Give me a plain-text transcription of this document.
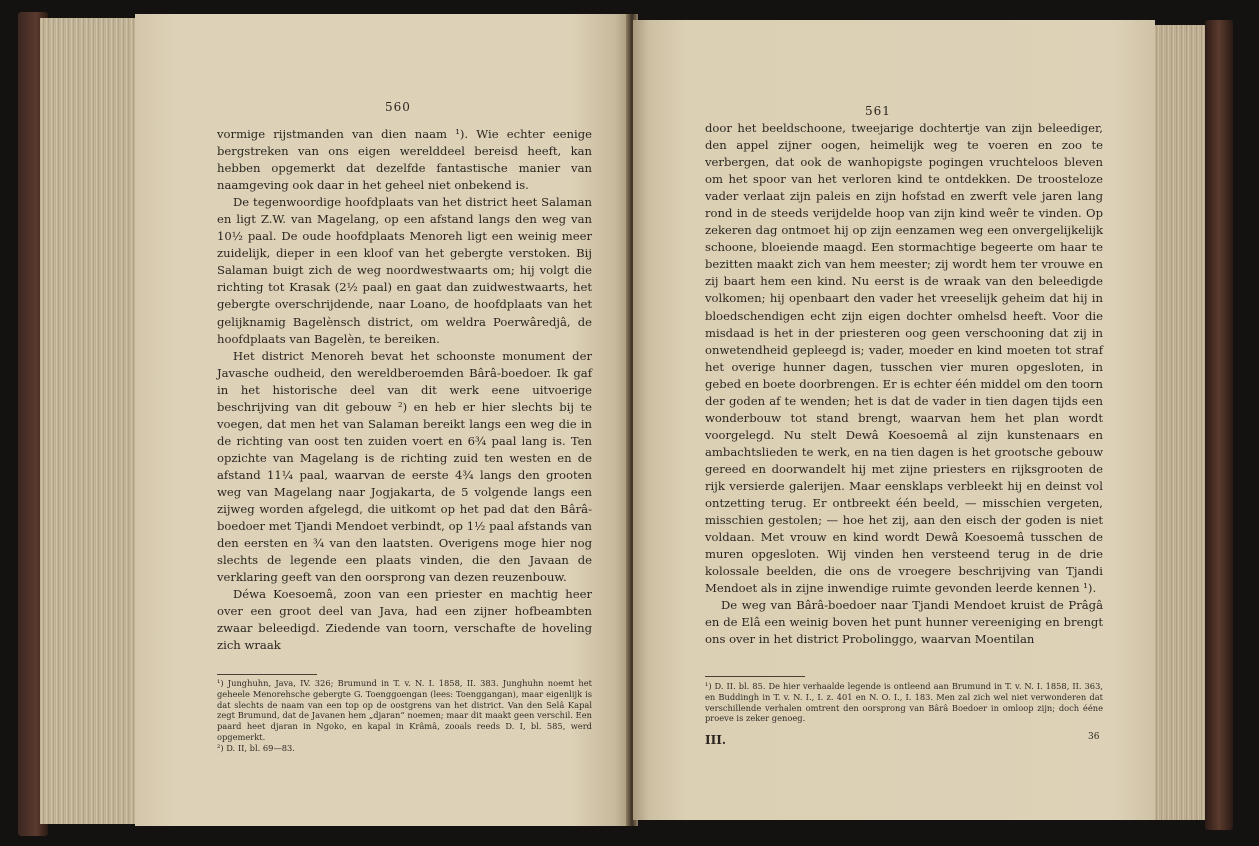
560

vormige rijstmanden van dien naam ¹). Wie echter eenige bergstreken van ons eigen werelddeel bereisd heeft, kan hebben opgemerkt dat dezelfde fantastische manier van naamgeving ook daar in het geheel niet onbekend is.

De tegenwoordige hoofdplaats van het district heet Salaman en ligt Z.W. van Magelang, op een afstand langs den weg van 10½ paal. De oude hoofdplaats Menoreh ligt een weinig meer zuidelijk, dieper in een kloof van het gebergte verstoken. Bij Salaman buigt zich de weg noordwestwaarts om; hij volgt die richting tot Krasak (2½ paal) en gaat dan zuidwestwaarts, het gebergte overschrijdende, naar Loano, de hoofdplaats van het gelijknamig Bagelènsch district, om weldra Poerwâredjâ, de hoofdplaats van Bagelèn, te bereiken.

Het district Menoreh bevat het schoonste monument der Javasche oudheid, den wereldberoemden Bârâ-boedoer. Ik gaf in het historische deel van dit werk eene uitvoerige beschrijving van dit gebouw ²) en heb er hier slechts bij te voegen, dat men het van Salaman bereikt langs een weg die in de richting van oost ten zuiden voert en 6¾ paal lang is. Ten opzichte van Magelang is de richting zuid ten westen en de afstand 11¼ paal, waarvan de eerste 4¾ langs den grooten weg van Magelang naar Jogjakarta, de 5 volgende langs een zijweg worden afgelegd, die uitkomt op het pad dat den Bârâ-boedoer met Tjandi Mendoet verbindt, op 1½ paal afstands van den eersten en ¾ van den laatsten. Overigens moge hier nog slechts de legende een plaats vinden, die den Javaan de verklaring geeft van den oorsprong van dezen reuzenbouw.

Déwa Koesoemâ, zoon van een priester en machtig heer over een groot deel van Java, had een zijner hofbeambten zwaar beleedigd. Ziedende van toorn, verschafte de hoveling zich wraak

¹) Junghuhn, Java, IV. 326; Brumund in T. v. N. I. 1858, II. 383. Junghuhn noemt het geheele Menorehsche gebergte G. Toenggoengan (lees: Toenggangan), maar eigenlijk is dat slechts de naam van een top op de oostgrens van het district. Van den Selâ Kapal zegt Brumund, dat de Javanen hem „djaran“ noemen; maar dit maakt geen verschil. Een paard heet djaran in Ngoko, en kapal in Krâmâ, zooals reeds D. I, bl. 585, werd opgemerkt.

²) D. II, bl. 69—83.

561

door het beeldschoone, tweejarige dochtertje van zijn beleediger, den appel zijner oogen, heimelijk weg te voeren en zoo te verbergen, dat ook de wanhopigste pogingen vruchteloos bleven om het spoor van het verloren kind te ontdekken. De troosteloze vader verlaat zijn paleis en zijn hofstad en zwerft vele jaren lang rond in de steeds verijdelde hoop van zijn kind weêr te vinden. Op zekeren dag ontmoet hij op zijn eenzamen weg een onvergelijkelijk schoone, bloeiende maagd. Een stormachtige begeerte om haar te bezitten maakt zich van hem meester; zij wordt hem ter vrouwe en zij baart hem een kind. Nu eerst is de wraak van den beleedigde volkomen; hij openbaart den vader het vreeselijk geheim dat hij in bloedschendigen echt zijn eigen dochter omhelsd heeft. Voor die misdaad is het in der priesteren oog geen verschooning dat zij in onwetendheid gepleegd is; vader, moeder en kind moeten tot straf het overige hunner dagen, tusschen vier muren opgesloten, in gebed en boete doorbrengen. Er is echter één middel om den toorn der goden af te wenden; het is dat de vader in tien dagen tijds een wonderbouw tot stand brengt, waarvan hem het plan wordt voorgelegd. Nu stelt Dewâ Koesoemâ al zijn kunstenaars en ambachtslieden te werk, en na tien dagen is het grootsche gebouw gereed en doorwandelt hij met zijne priesters en rijksgrooten de rijk versierde galerijen. Maar eensklaps verbleekt hij en deinst vol ontzetting terug. Er ontbreekt één beeld, — misschien vergeten, misschien gestolen; — hoe het zij, aan den eisch der goden is niet voldaan. Met vrouw en kind wordt Dewâ Koesoemâ tusschen de muren opgesloten. Wij vinden hen versteend terug in de drie kolossale beelden, die ons de vroegere beschrijving van Tjandi Mendoet als in zijne inwendige ruimte gevonden leerde kennen ¹).

De weg van Bârâ-boedoer naar Tjandi Mendoet kruist de Prâgâ en de Elâ een weinig boven het punt hunner vereeniging en brengt ons over in het district Probolinggo, waarvan Moentilan

¹) D. II. bl. 85. De hier verhaalde legende is ontleend aan Brumund in T. v. N. I. 1858, II. 363, en Buddingh in T. v. N. I., I. z. 401 en N. O. I., I. 183. Men zal zich wel niet verwonderen dat verschillende verhalen omtrent den oorsprong van Bârâ Boedoer in omloop zijn; doch ééne proeve is zeker genoeg.

III.	36
